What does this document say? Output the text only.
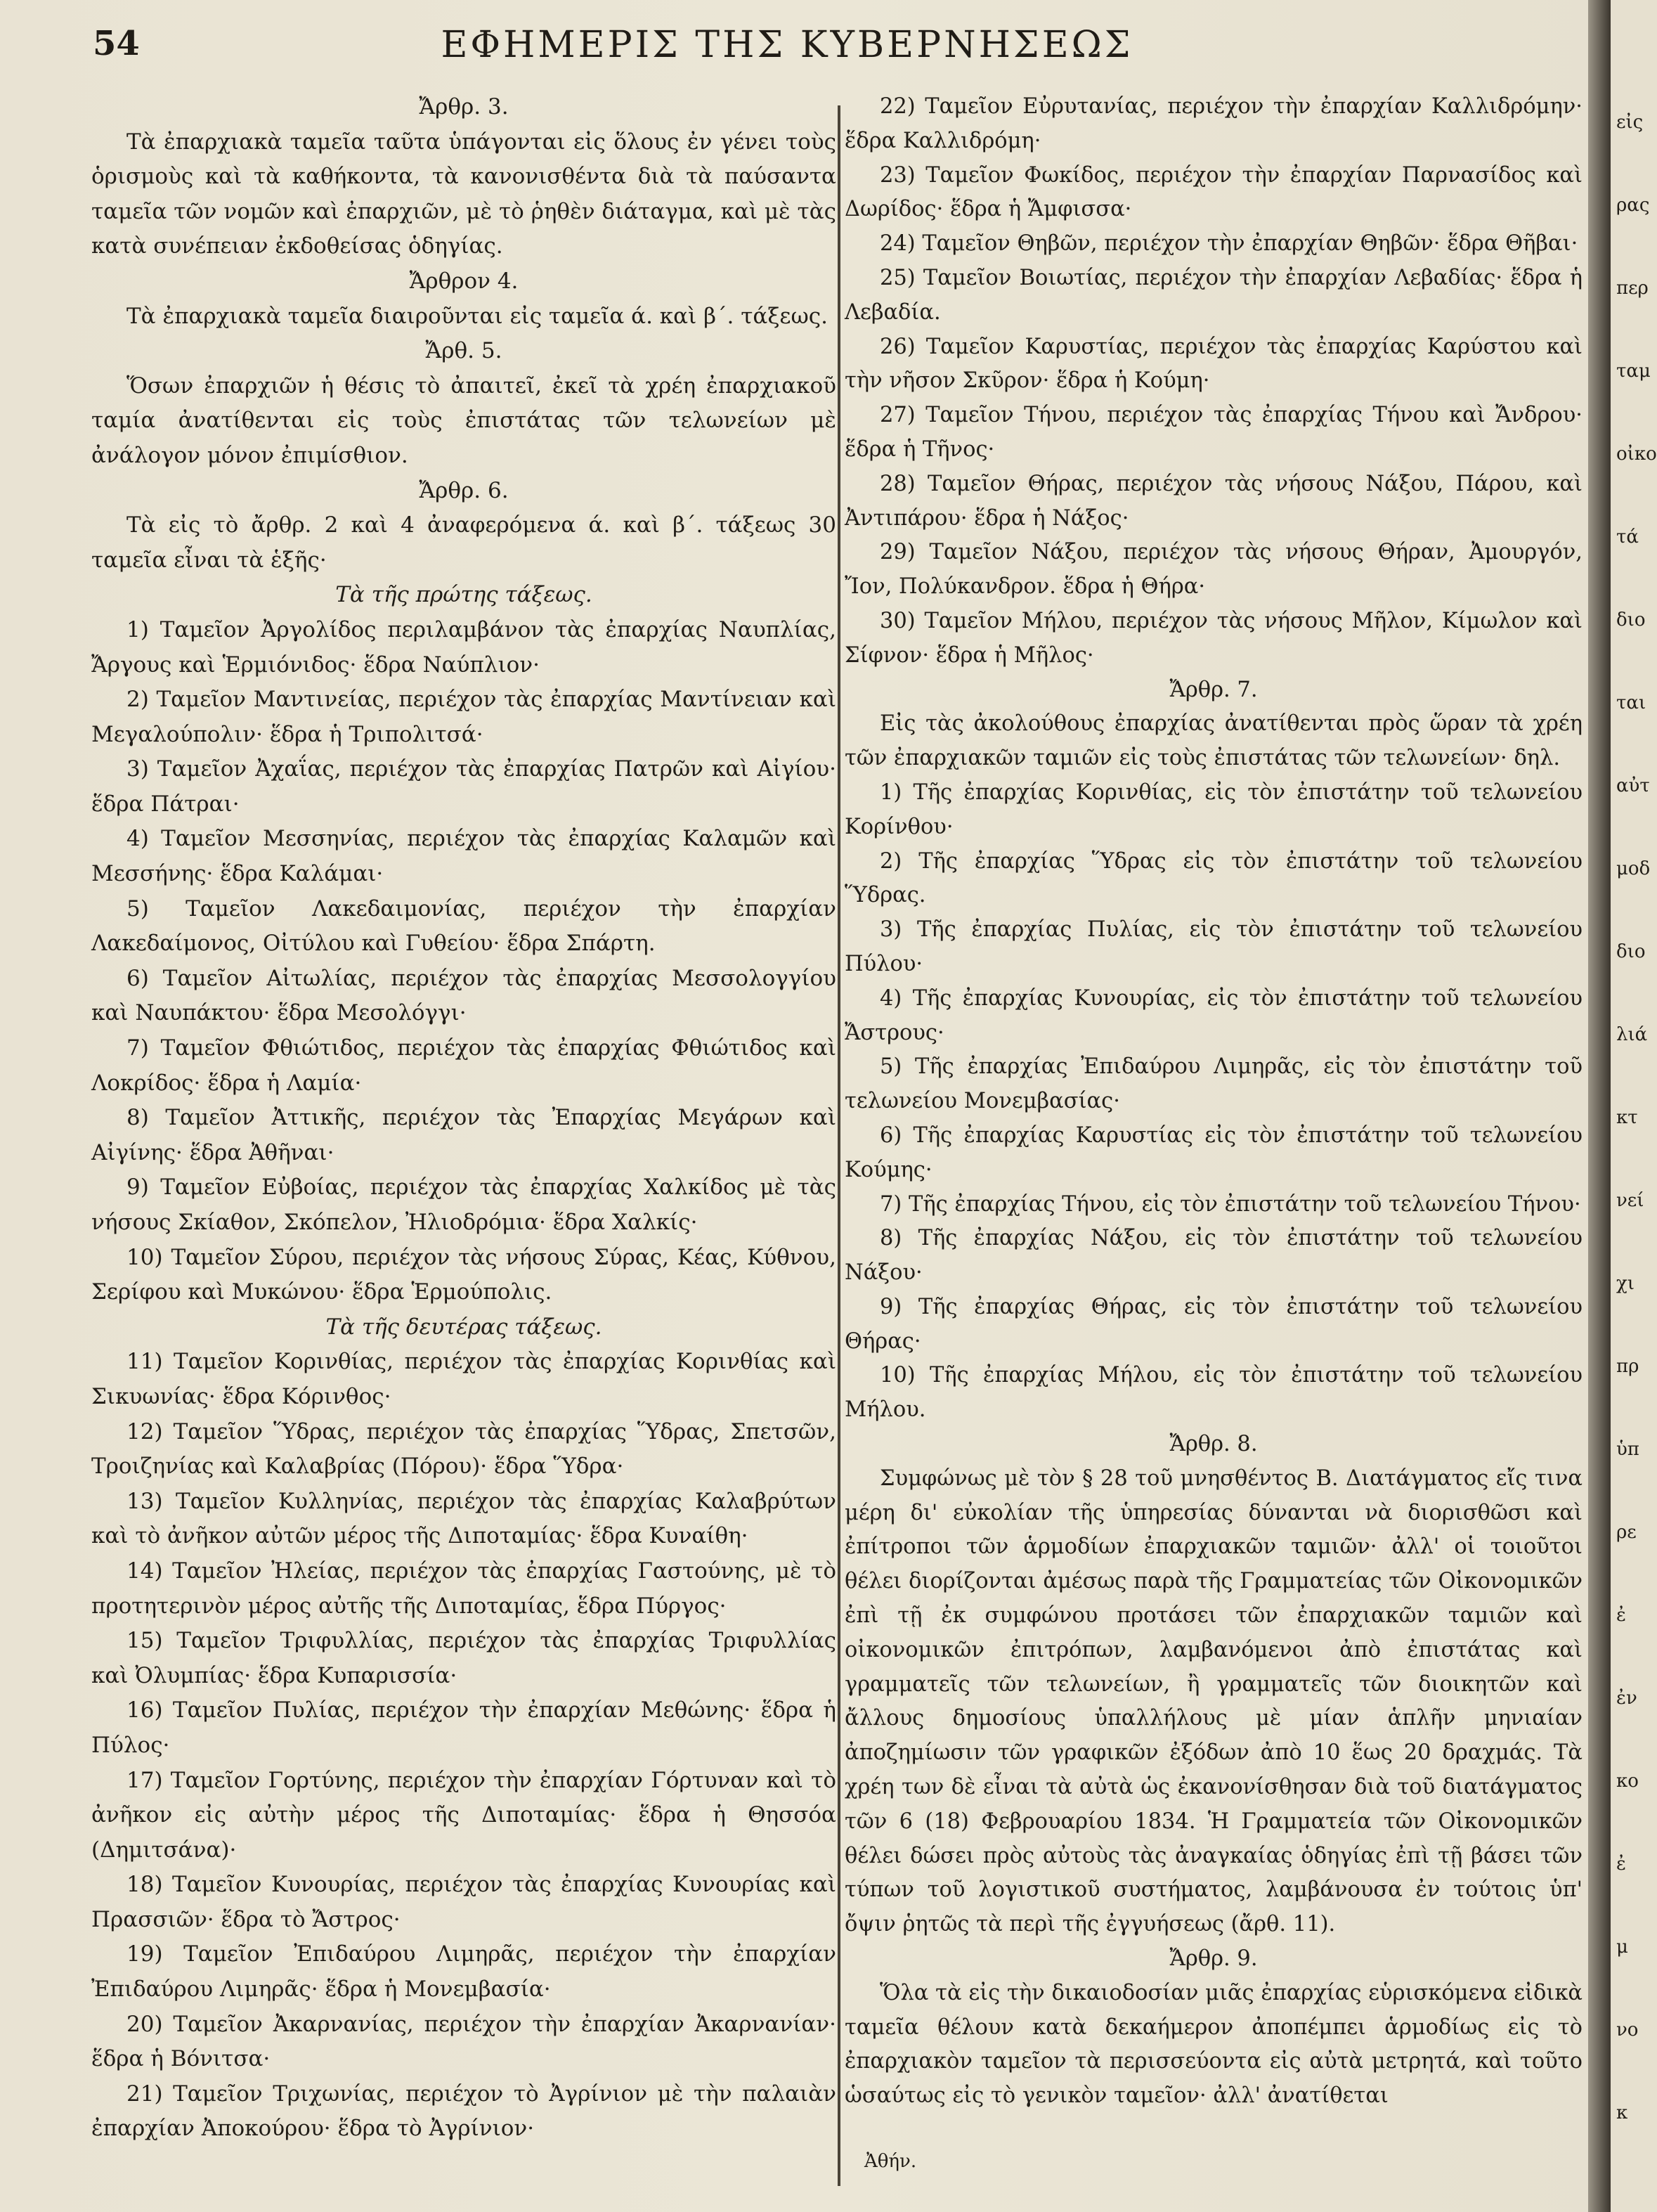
54	ΕΦΗΜΕΡΙΣ ΤΗΣ ΚΥΒΕΡΝΗΣΕΩΣ

Ἄρθρ. 3.

Τὰ ἐπαρχιακὰ ταμεῖα ταῦτα ὑπάγονται εἰς ὅλους ἐν γένει τοὺς ὁρισμοὺς καὶ τὰ καθήκοντα, τὰ κανονισθέντα διὰ τὰ παύσαντα ταμεῖα τῶν νομῶν καὶ ἐπαρχιῶν, μὲ τὸ ῥηθὲν διάταγμα, καὶ μὲ τὰς κατὰ συνέπειαν ἐκδοθείσας ὁδηγίας.

Ἄρθρον 4.

Τὰ ἐπαρχιακὰ ταμεῖα διαιροῦνται εἰς ταμεῖα ά. καὶ β΄. τάξεως.

Ἄρθ. 5.

Ὅσων ἐπαρχιῶν ἡ θέσις τὸ ἀπαιτεῖ, ἐκεῖ τὰ χρέη ἐπαρχιακοῦ ταμία ἀνατίθενται εἰς τοὺς ἐπιστάτας τῶν τελωνείων μὲ ἀνάλογον μόνον ἐπιμίσθιον.

Ἄρθρ. 6.

Τὰ εἰς τὸ ἄρθρ. 2 καὶ 4 ἀναφερόμενα ά. καὶ β΄. τάξεως 30 ταμεῖα εἶναι τὰ ἑξῆς·

Τὰ τῆς πρώτης τάξεως.

1) Ταμεῖον Ἀργολίδος περιλαμβάνον τὰς ἐπαρχίας Ναυπλίας, Ἄργους καὶ Ἑρμιόνιδος· ἕδρα Ναύπλιον·

2) Ταμεῖον Μαντινείας, περιέχον τὰς ἐπαρχίας Μαντίνειαν καὶ Μεγαλούπολιν· ἕδρα ἡ Τριπολιτσά·

3) Ταμεῖον Ἀχαΐας, περιέχον τὰς ἐπαρχίας Πατρῶν καὶ Αἰγίου· ἕδρα Πάτραι·

4) Ταμεῖον Μεσσηνίας, περιέχον τὰς ἐπαρχίας Καλαμῶν καὶ Μεσσήνης· ἕδρα Καλάμαι·

5) Ταμεῖον Λακεδαιμονίας, περιέχον τὴν ἐπαρχίαν Λακεδαίμονος, Οἰτύλου καὶ Γυθείου· ἕδρα Σπάρτη.

6) Ταμεῖον Αἰτωλίας, περιέχον τὰς ἐπαρχίας Μεσσολογγίου καὶ Ναυπάκτου· ἕδρα Μεσολόγγι·

7) Ταμεῖον Φθιώτιδος, περιέχον τὰς ἐπαρχίας Φθιώτιδος καὶ Λοκρίδος· ἕδρα ἡ Λαμία·

8) Ταμεῖον Ἀττικῆς, περιέχον τὰς Ἐπαρχίας Μεγάρων καὶ Αἰγίνης· ἕδρα Ἀθῆναι·

9) Ταμεῖον Εὐβοίας, περιέχον τὰς ἐπαρχίας Χαλκίδος μὲ τὰς νήσους Σκίαθον, Σκόπελον, Ἠλιοδρόμια· ἕδρα Χαλκίς·

10) Ταμεῖον Σύρου, περιέχον τὰς νήσους Σύρας, Κέας, Κύθνου, Σερίφου καὶ Μυκώνου· ἕδρα Ἑρμούπολις.

Τὰ τῆς δευτέρας τάξεως.

11) Ταμεῖον Κορινθίας, περιέχον τὰς ἐπαρχίας Κορινθίας καὶ Σικυωνίας· ἕδρα Κόρινθος·

12) Ταμεῖον Ὕδρας, περιέχον τὰς ἐπαρχίας Ὕδρας, Σπετσῶν, Τροιζηνίας καὶ Καλαβρίας (Πόρου)· ἕδρα Ὕδρα·

13) Ταμεῖον Κυλληνίας, περιέχον τὰς ἐπαρχίας Καλαβρύτων καὶ τὸ ἀνῆκον αὐτῶν μέρος τῆς Διποταμίας· ἕδρα Κυναίθη·

14) Ταμεῖον Ἠλείας, περιέχον τὰς ἐπαρχίας Γαστούνης, μὲ τὸ προτητερινὸν μέρος αὐτῆς τῆς Διποταμίας, ἕδρα Πύργος·

15) Ταμεῖον Τριφυλλίας, περιέχον τὰς ἐπαρχίας Τριφυλλίας καὶ Ὀλυμπίας· ἕδρα Κυπαρισσία·

16) Ταμεῖον Πυλίας, περιέχον τὴν ἐπαρχίαν Μεθώνης· ἕδρα ἡ Πύλος·

17) Ταμεῖον Γορτύνης, περιέχον τὴν ἐπαρχίαν Γόρτυναν καὶ τὸ ἀνῆκον εἰς αὐτὴν μέρος τῆς Διποταμίας· ἕδρα ἡ Θησσόα (Δημιτσάνα)·

18) Ταμεῖον Κυνουρίας, περιέχον τὰς ἐπαρχίας Κυνουρίας καὶ Πρασσιῶν· ἕδρα τὸ Ἄστρος·

19) Ταμεῖον Ἐπιδαύρου Λιμηρᾶς, περιέχον τὴν ἐπαρχίαν Ἐπιδαύρου Λιμηρᾶς· ἕδρα ἡ Μονεμβασία·

20) Ταμεῖον Ἀκαρνανίας, περιέχον τὴν ἐπαρχίαν Ἀκαρνανίαν· ἕδρα ἡ Βόνιτσα·

21) Ταμεῖον Τριχωνίας, περιέχον τὸ Ἀγρίνιον μὲ τὴν παλαιὰν ἐπαρχίαν Ἀποκούρου· ἕδρα τὸ Ἀγρίνιον·

22) Ταμεῖον Εὐρυτανίας, περιέχον τὴν ἐπαρχίαν Καλλιδρόμην· ἕδρα Καλλιδρόμη·

23) Ταμεῖον Φωκίδος, περιέχον τὴν ἐπαρχίαν Παρνασίδος καὶ Δωρίδος· ἕδρα ἡ Ἄμφισσα·

24) Ταμεῖον Θηβῶν, περιέχον τὴν ἐπαρχίαν Θηβῶν· ἕδρα Θῆβαι·

25) Ταμεῖον Βοιωτίας, περιέχον τὴν ἐπαρχίαν Λεβαδίας· ἕδρα ἡ Λεβαδία.

26) Ταμεῖον Καρυστίας, περιέχον τὰς ἐπαρχίας Καρύστου καὶ τὴν νῆσον Σκῦρον· ἕδρα ἡ Κούμη·

27) Ταμεῖον Τήνου, περιέχον τὰς ἐπαρχίας Τήνου καὶ Ἄνδρου· ἕδρα ἡ Τῆνος·

28) Ταμεῖον Θήρας, περιέχον τὰς νήσους Νάξου, Πάρου, καὶ Ἀντιπάρου· ἕδρα ἡ Νάξος·

29) Ταμεῖον Νάξου, περιέχον τὰς νήσους Θήραν, Ἀμουργόν, Ἴον, Πολύκανδρον. ἕδρα ἡ Θήρα·

30) Ταμεῖον Μήλου, περιέχον τὰς νήσους Μῆλον, Κίμωλον καὶ Σίφνον· ἕδρα ἡ Μῆλος·

Ἄρθρ. 7.

Εἰς τὰς ἀκολούθους ἐπαρχίας ἀνατίθενται πρὸς ὥραν τὰ χρέη τῶν ἐπαρχιακῶν ταμιῶν εἰς τοὺς ἐπιστάτας τῶν τελωνείων· δηλ.

1) Τῆς ἐπαρχίας Κορινθίας, εἰς τὸν ἐπιστάτην τοῦ τελωνείου Κορίνθου·

2) Τῆς ἐπαρχίας Ὕδρας εἰς τὸν ἐπιστάτην τοῦ τελωνείου Ὕδρας.

3) Τῆς ἐπαρχίας Πυλίας, εἰς τὸν ἐπιστάτην τοῦ τελωνείου Πύλου·

4) Τῆς ἐπαρχίας Κυνουρίας, εἰς τὸν ἐπιστάτην τοῦ τελωνείου Ἄστρους·

5) Τῆς ἐπαρχίας Ἐπιδαύρου Λιμηρᾶς, εἰς τὸν ἐπιστάτην τοῦ τελωνείου Μονεμβασίας·

6) Τῆς ἐπαρχίας Καρυστίας εἰς τὸν ἐπιστάτην τοῦ τελωνείου Κούμης·

7) Τῆς ἐπαρχίας Τήνου, εἰς τὸν ἐπιστάτην τοῦ τελωνείου Τήνου·

8) Τῆς ἐπαρχίας Νάξου, εἰς τὸν ἐπιστάτην τοῦ τελωνείου Νάξου·

9) Τῆς ἐπαρχίας Θήρας, εἰς τὸν ἐπιστάτην τοῦ τελωνείου Θήρας·

10) Τῆς ἐπαρχίας Μήλου, εἰς τὸν ἐπιστάτην τοῦ τελωνείου Μήλου.

Ἄρθρ. 8.

Συμφώνως μὲ τὸν § 28 τοῦ μνησθέντος Β. Διατάγματος εἴς τινα μέρη δι' εὐκολίαν τῆς ὑπηρεσίας δύνανται νὰ διορισθῶσι καὶ ἐπίτροποι τῶν ἁρμοδίων ἐπαρχιακῶν ταμιῶν· ἀλλ' οἱ τοιοῦτοι θέλει διορίζονται ἀμέσως παρὰ τῆς Γραμματείας τῶν Οἰκονομικῶν ἐπὶ τῇ ἐκ συμφώνου προτάσει τῶν ἐπαρχιακῶν ταμιῶν καὶ οἰκονομικῶν ἐπιτρόπων, λαμβανόμενοι ἀπὸ ἐπιστάτας καὶ γραμματεῖς τῶν τελωνείων, ἢ γραμματεῖς τῶν διοικητῶν καὶ ἄλλους δημοσίους ὑπαλλήλους μὲ μίαν ἁπλῆν μηνιαίαν ἀποζημίωσιν τῶν γραφικῶν ἐξόδων ἀπὸ 10 ἕως 20 δραχμάς. Τὰ χρέη των δὲ εἶναι τὰ αὐτὰ ὡς ἐκανονίσθησαν διὰ τοῦ διατάγματος τῶν 6 (18) Φεβρουαρίου 1834. Ἡ Γραμματεία τῶν Οἰκονομικῶν θέλει δώσει πρὸς αὐτοὺς τὰς ἀναγκαίας ὁδηγίας ἐπὶ τῇ βάσει τῶν τύπων τοῦ λογιστικοῦ συστήματος, λαμβάνουσα ἐν τούτοις ὑπ' ὄψιν ῥητῶς τὰ περὶ τῆς ἐγγυήσεως (ἄρθ. 11).

Ἄρθρ. 9.

Ὅλα τὰ εἰς τὴν δικαιοδοσίαν μιᾶς ἐπαρχίας εὑρισκόμενα εἰδικὰ ταμεῖα θέλουν κατὰ δεκαήμερον ἀποπέμπει ἁρμοδίως εἰς τὸ ἐπαρχιακὸν ταμεῖον τὰ περισσεύοντα εἰς αὐτὰ μετρητά, καὶ τοῦτο ὡσαύτως εἰς τὸ γενικὸν ταμεῖον· ἀλλ' ἀνατίθεται

Ἀθήν.
εἰς
ρας
περ
ταμ
οἰκο
τά
διο
ται
αὐτ
μοδ
διο
λιά
κτ
νεί
χι
πρ
ὑπ
ρε
ἐ
ἐν
κο
ἐ
μ
νο
κ
